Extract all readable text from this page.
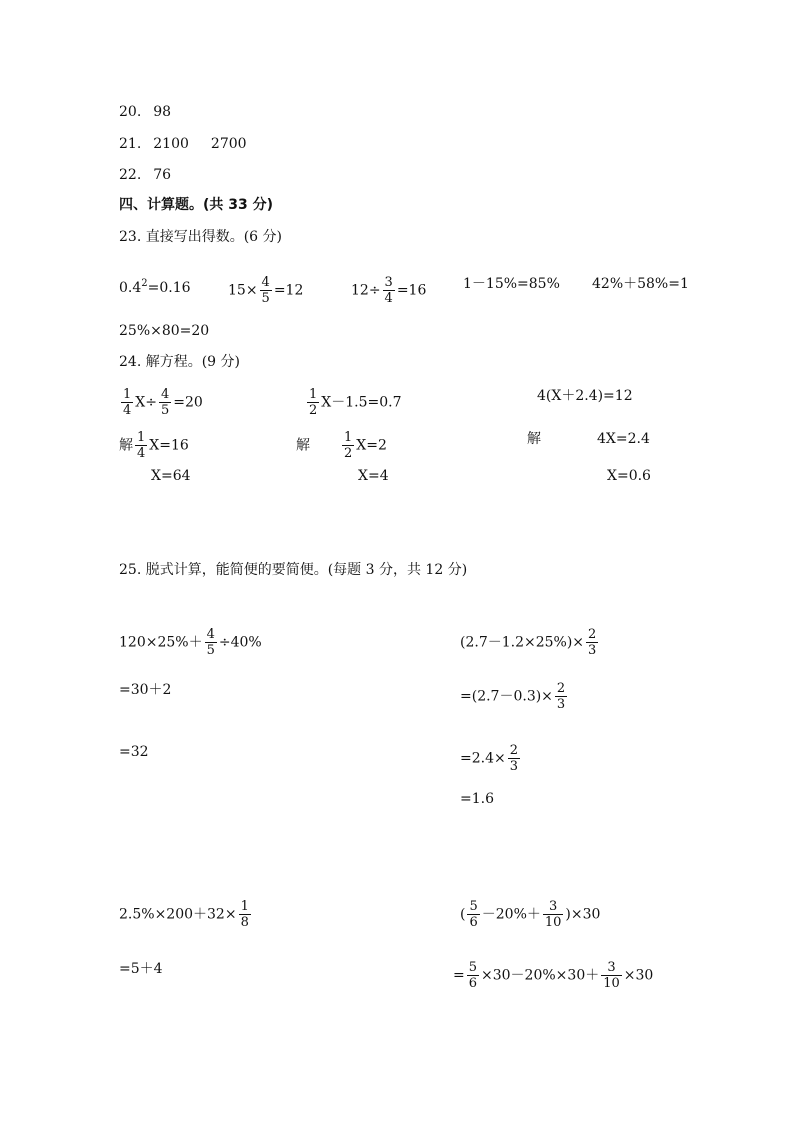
20. 98
21. 2100 2700
22. 76
四、计算题。(共 33 分)
23. 直接写出得数。(6 分)
$0.4^2=0.16$	$15\times \frac{4}{5} =12$	$12\div \frac{3}{4} =16$	1－15%=85% 42%＋58%=1
25%×80=20
24. 解方程。(9 分)
$\frac{1}{4} X\div \frac{4}{5} =20$
解 $\frac{1}{4} X=16$
X=64
$\frac{1}{2} X-1.5=0.7$
解 $\frac{1}{2} X=2$
X=4
4(X＋2.4)=12
解	4X=2.4
X=0.6
25. 脱式计算，能简便的要简便。(每题 3 分，共 12 分)
$120\times 25\%+ \frac{4}{5} \div 40\%$
=30＋2
=32
$(2.7-1.2\times 25\%)\times \frac{2}{3}$
$=(2.7-0.3)\times \frac{2}{3}$
$=2.4\times \frac{2}{3}$
=1.6
$2.5\%\times 200+32\times \frac{1}{8}$
=5＋4
( $\frac{5}{6} -20\%+ \frac{3}{10} )\times 30$
= $\frac{5}{6} \times 30-20\%\times 30+ \frac{3}{10} \times 30$
